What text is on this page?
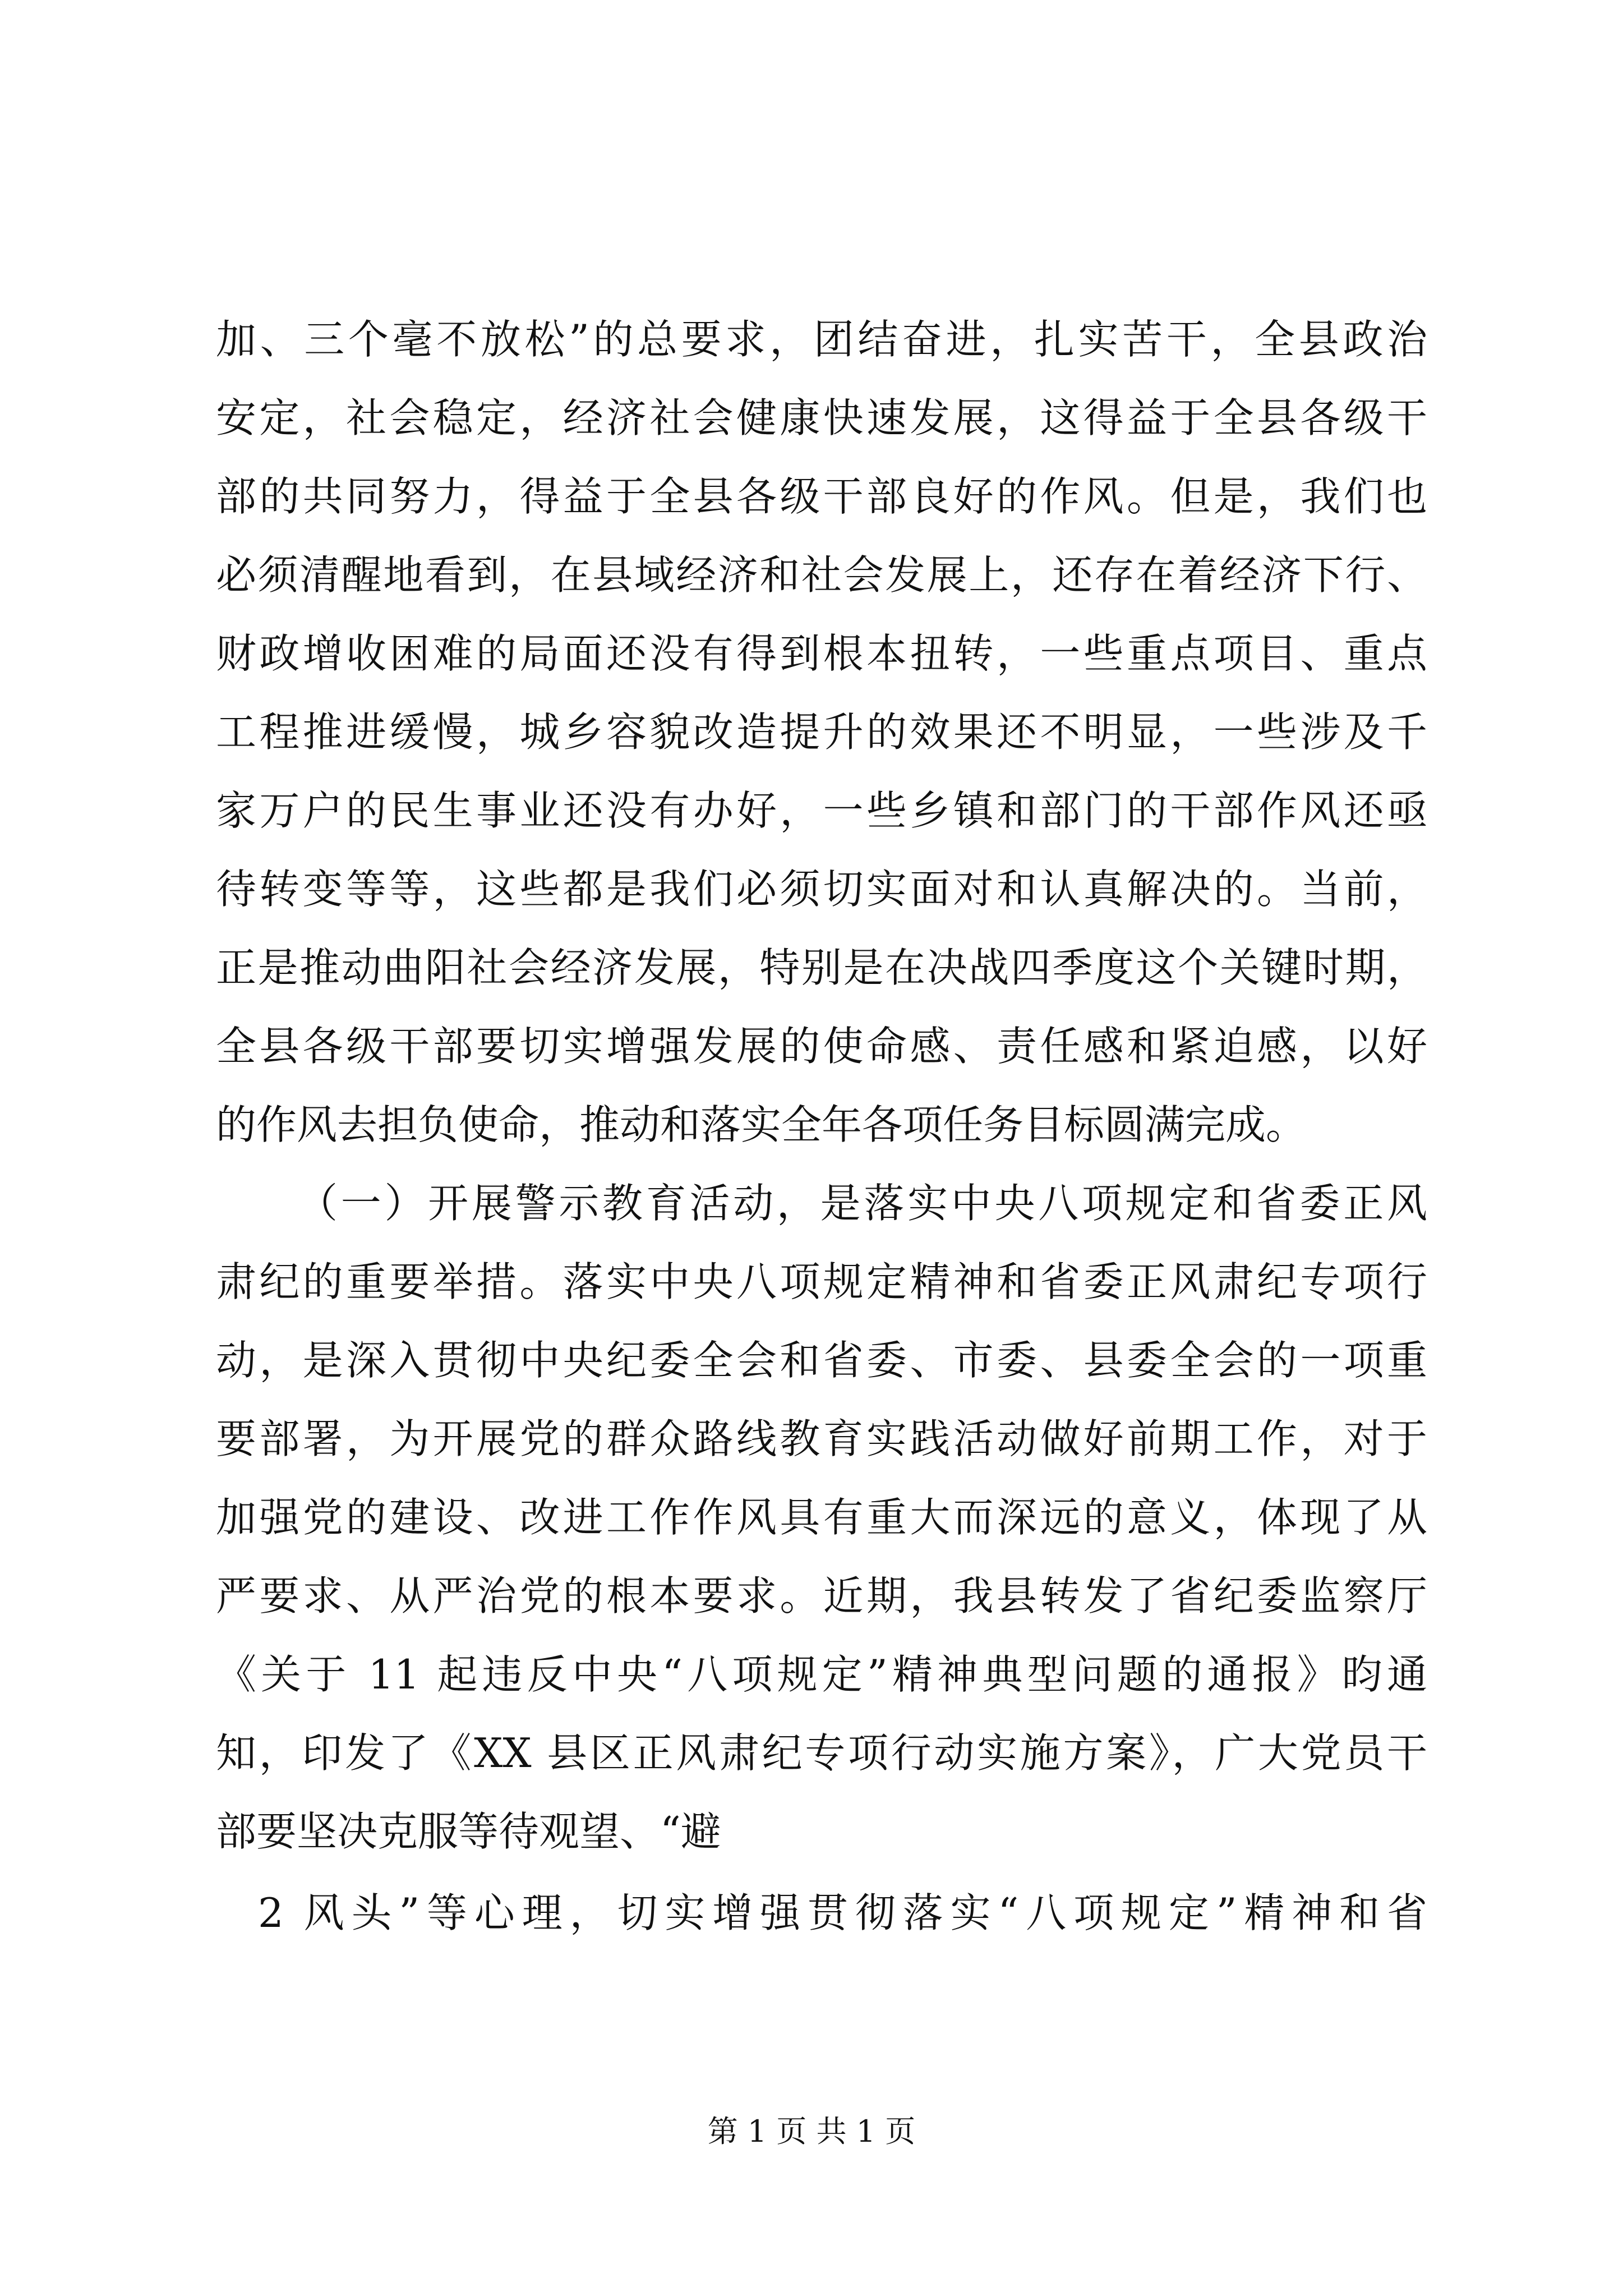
加、三个毫不放松”的总要求，团结奋进，扎实苦干，全县政治
安定，社会稳定，经济社会健康快速发展，这得益于全县各级干
部的共同努力，得益于全县各级干部良好的作风。但是，我们也
必须清醒地看到，在县域经济和社会发展上，还存在着经济下行、
财政增收困难的局面还没有得到根本扭转，一些重点项目、重点
工程推进缓慢，城乡容貌改造提升的效果还不明显，一些涉及千
家万户的民生事业还没有办好，一些乡镇和部门的干部作风还亟
待转变等等，这些都是我们必须切实面对和认真解决的。当前，
正是推动曲阳社会经济发展，特别是在决战四季度这个关键时期，
全县各级干部要切实增强发展的使命感、责任感和紧迫感，以好
的作风去担负使命，推动和落实全年各项任务目标圆满完成。
（一）开展警示教育活动，是落实中央八项规定和省委正风
肃纪的重要举措。落实中央八项规定精神和省委正风肃纪专项行
动，是深入贯彻中央纪委全会和省委、市委、县委全会的一项重
要部署，为开展党的群众路线教育实践活动做好前期工作，对于
加强党的建设、改进工作作风具有重大而深远的意义，体现了从
严要求、从严治党的根本要求。近期，我县转发了省纪委监察厅
《关于 11 起违反中央“八项规定”精神典型问题的通报》昀通
知，印发了《XX 县区正风肃纪专项行动实施方案》，广大党员干
部要坚决克服等待观望、“避
2 风头”等心理，切实增强贯彻落实“八项规定”精神和省
第 1 页 共 1 页
